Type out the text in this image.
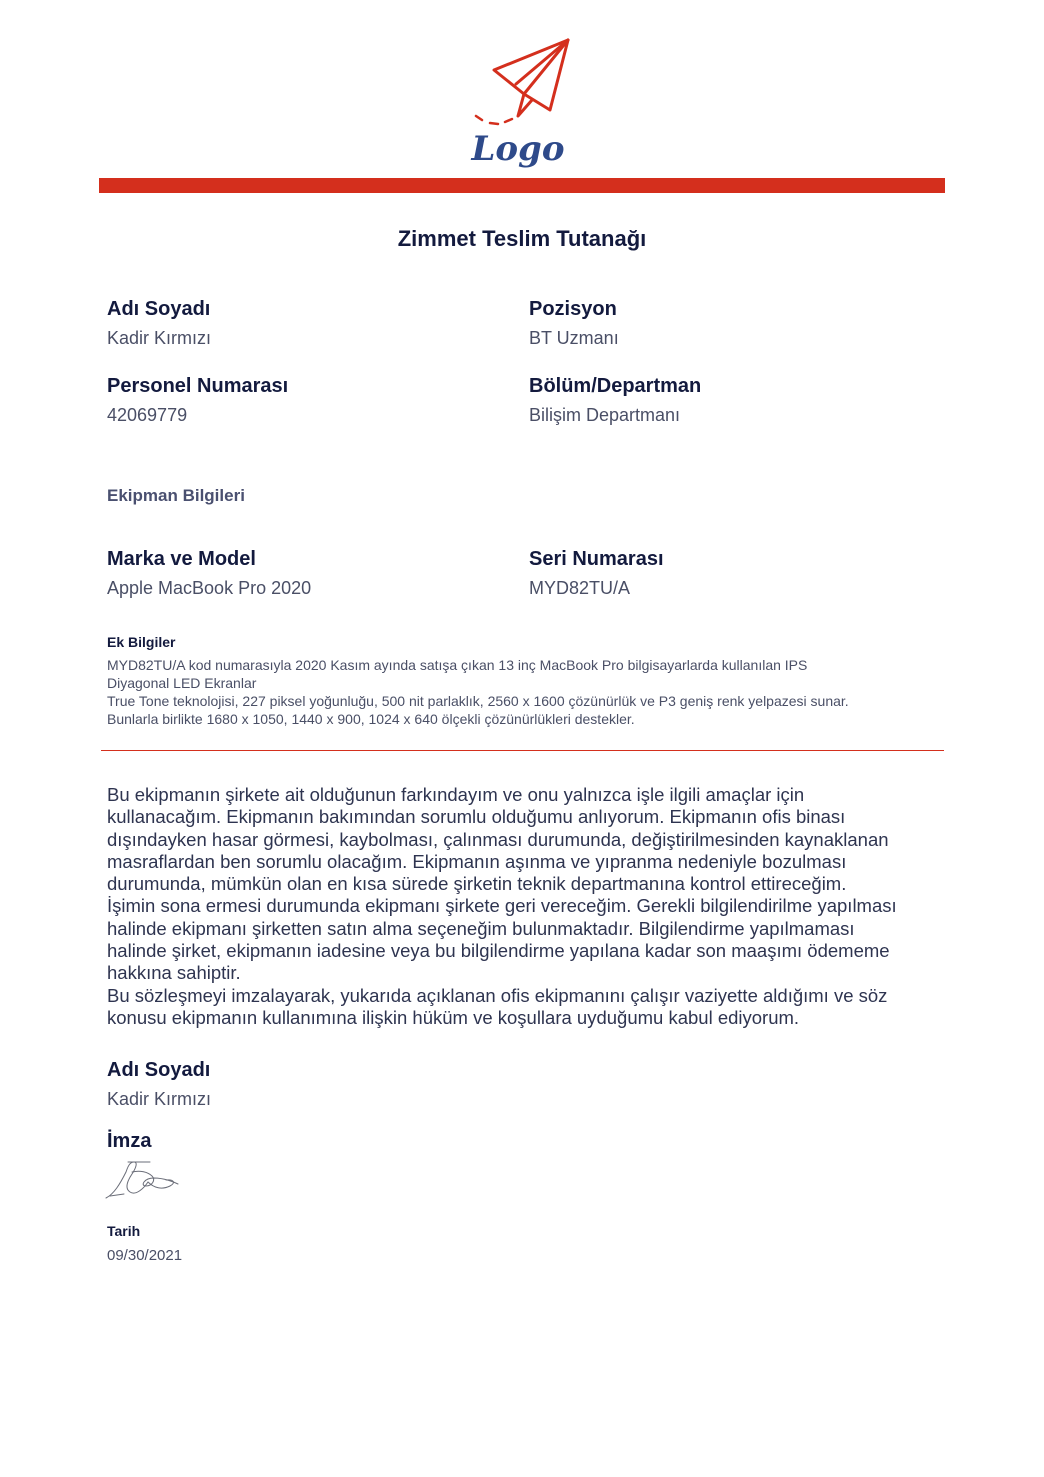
Logo
Zimmet Teslim Tutanağı
Adı Soyadı
Kadir Kırmızı
Pozisyon
BT Uzmanı
Personel Numarası
42069779
Bölüm/Departman
Bilişim Departmanı
Ekipman Bilgileri
Marka ve Model
Apple MacBook Pro 2020
Seri Numarası
MYD82TU/A
Ek Bilgiler
MYD82TU/A kod numarasıyla 2020 Kasım ayında satışa çıkan 13 inç MacBook Pro bilgisayarlarda kullanılan IPS
Diyagonal LED Ekranlar
True Tone teknolojisi, 227 piksel yoğunluğu, 500 nit parlaklık, 2560 x 1600 çözünürlük ve P3 geniş renk yelpazesi sunar.
Bunlarla birlikte 1680 x 1050, 1440 x 900, 1024 x 640 ölçekli çözünürlükleri destekler.
Bu ekipmanın şirkete ait olduğunun farkındayım ve onu yalnızca işle ilgili amaçlar için
kullanacağım. Ekipmanın bakımından sorumlu olduğumu anlıyorum. Ekipmanın ofis binası
dışındayken hasar görmesi, kaybolması, çalınması durumunda, değiştirilmesinden kaynaklanan
masraflardan ben sorumlu olacağım. Ekipmanın aşınma ve yıpranma nedeniyle bozulması
durumunda, mümkün olan en kısa sürede şirketin teknik departmanına kontrol ettireceğim.
İşimin sona ermesi durumunda ekipmanı şirkete geri vereceğim. Gerekli bilgilendirilme yapılması
halinde ekipmanı şirketten satın alma seçeneğim bulunmaktadır. Bilgilendirme yapılmaması
halinde şirket, ekipmanın iadesine veya bu bilgilendirme yapılana kadar son maaşımı ödememe
hakkına sahiptir.
Bu sözleşmeyi imzalayarak, yukarıda açıklanan ofis ekipmanını çalışır vaziyette aldığımı ve söz
konusu ekipmanın kullanımına ilişkin hüküm ve koşullara uyduğumu kabul ediyorum.
Adı Soyadı
Kadir Kırmızı
İmza
Tarih
09/30/2021
